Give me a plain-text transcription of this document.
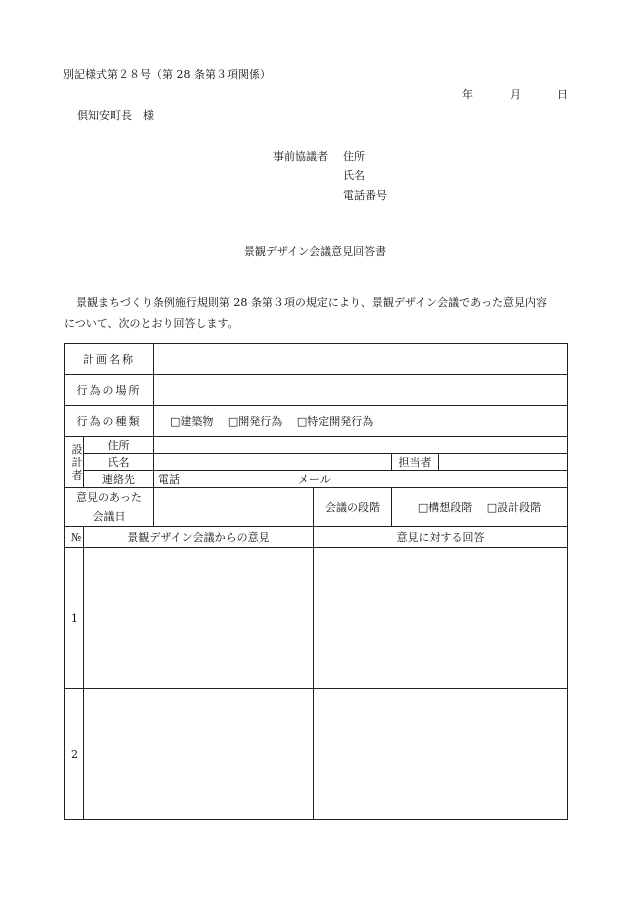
別記様式第２８号（第 28 条第３項関係）
年	月	日
倶知安町長　様
事前協議者 住所
氏名
電話番号
景観デザイン会議意見回答書
景観まちづくり条例施行規則第 28 条第３項の規定により、景観デザイン会議であった意見内容
について、次のとおり回答します。
計画名称					
行為の場所					
行為の種類		□建築物　 □開発行為　 □特定開発行為			

設
計
者	住所				
	氏名			担当者	
	連絡先	電話 メール			

意見のあった
会議日			会議の段階	□構想段階　 □設計段階	
№	景観デザイン会議からの意見		意見に対する回答		
1					
2					
